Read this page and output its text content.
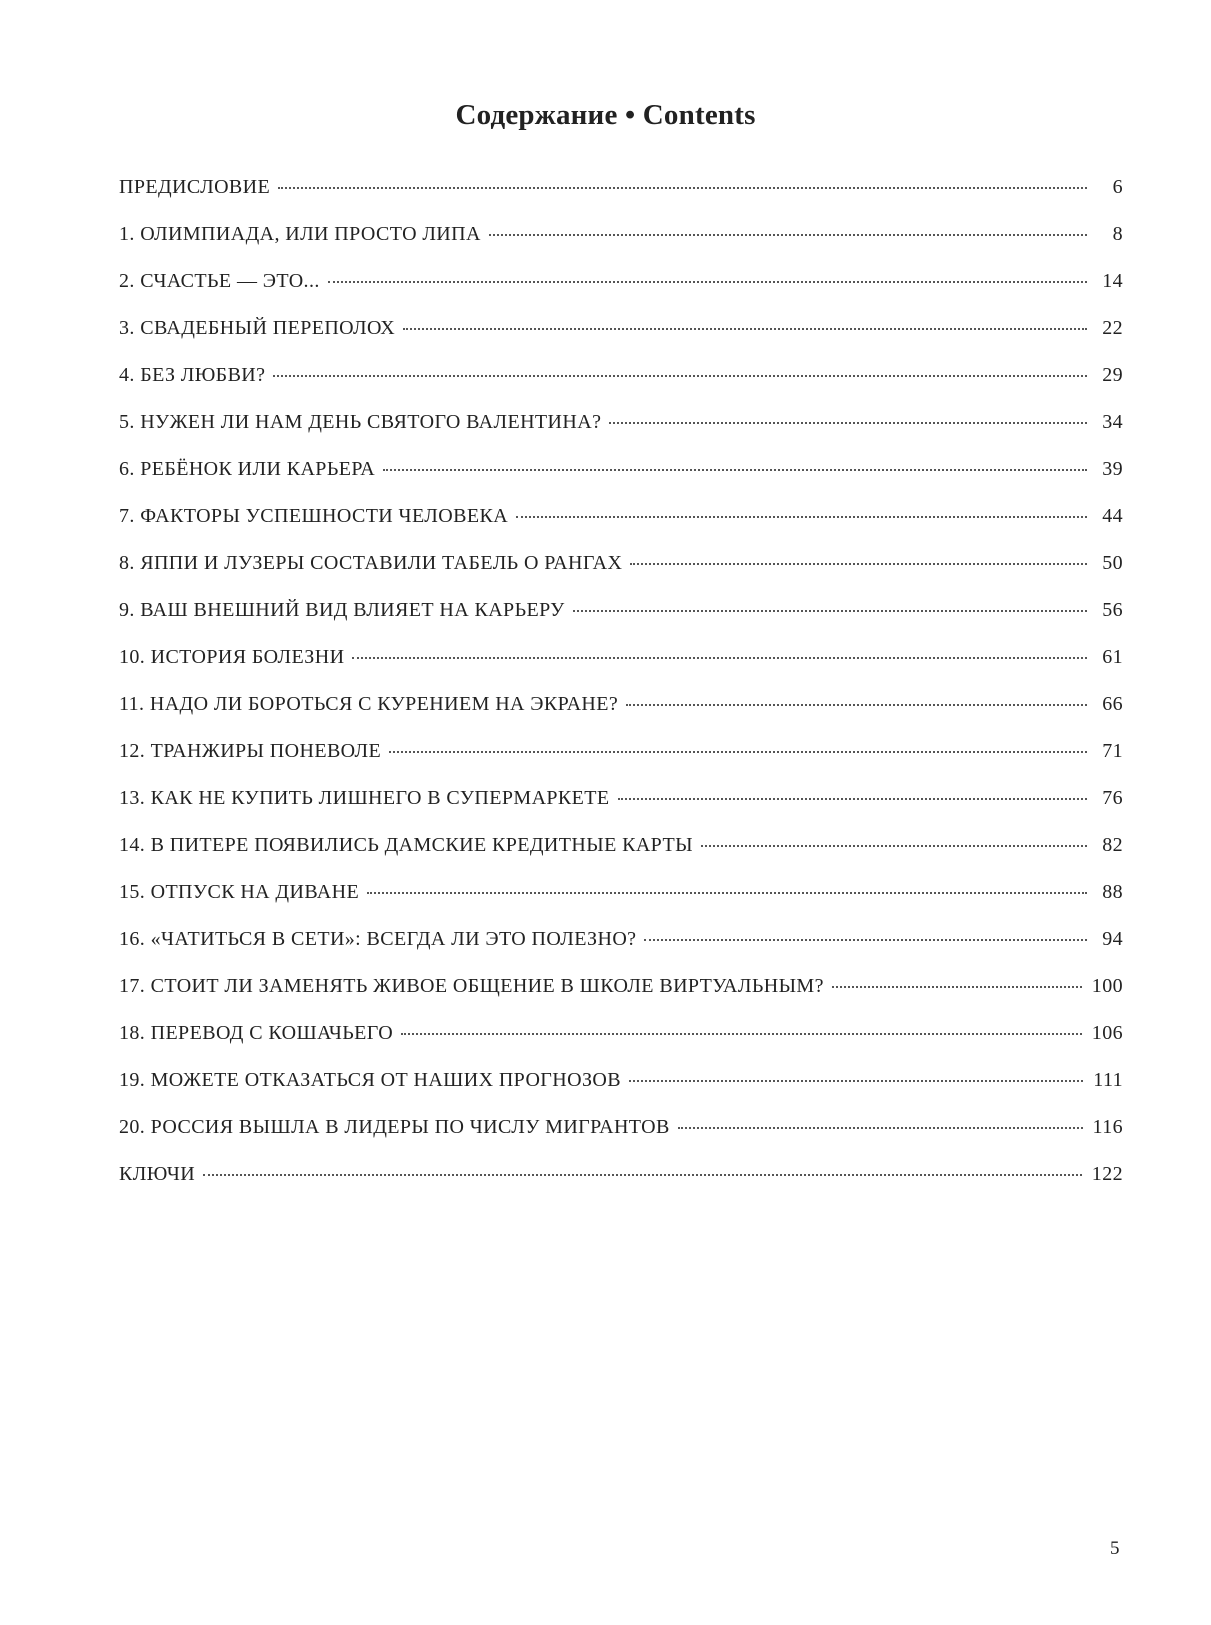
Содержание • Contents
ПРЕДИСЛОВИЕ	6
1. ОЛИМПИАДА, ИЛИ ПРОСТО ЛИПА	8
2. СЧАСТЬЕ — ЭТО...	14
3. СВАДЕБНЫЙ ПЕРЕПОЛОХ	22
4. БЕЗ ЛЮБВИ?	29
5. НУЖЕН ЛИ НАМ ДЕНЬ СВЯТОГО ВАЛЕНТИНА?	34
6. РЕБЁНОК ИЛИ КАРЬЕРА	39
7. ФАКТОРЫ УСПЕШНОСТИ ЧЕЛОВЕКА	44
8. ЯППИ И ЛУЗЕРЫ СОСТАВИЛИ ТАБЕЛЬ О РАНГАХ	50
9. ВАШ ВНЕШНИЙ ВИД ВЛИЯЕТ НА КАРЬЕРУ	56
10. ИСТОРИЯ БОЛЕЗНИ	61
11. НАДО ЛИ БОРОТЬСЯ С КУРЕНИЕМ НА ЭКРАНЕ?	66
12. ТРАНЖИРЫ ПОНЕВОЛЕ	71
13. КАК НЕ КУПИТЬ ЛИШНЕГО В СУПЕРМАРКЕТЕ	76
14. В ПИТЕРЕ ПОЯВИЛИСЬ ДАМСКИЕ КРЕДИТНЫЕ КАРТЫ	82
15. ОТПУСК НА ДИВАНЕ	88
16. «ЧАТИТЬСЯ В СЕТИ»: ВСЕГДА ЛИ ЭТО ПОЛЕЗНО?	94
17. СТОИТ ЛИ ЗАМЕНЯТЬ ЖИВОЕ ОБЩЕНИЕ В ШКОЛЕ ВИРТУАЛЬНЫМ?	100
18. ПЕРЕВОД С КОШАЧЬЕГО	106
19. МОЖЕТЕ ОТКАЗАТЬСЯ ОТ НАШИХ ПРОГНОЗОВ	111
20. РОССИЯ ВЫШЛА В ЛИДЕРЫ ПО ЧИСЛУ МИГРАНТОВ	116
КЛЮЧИ	122
5
